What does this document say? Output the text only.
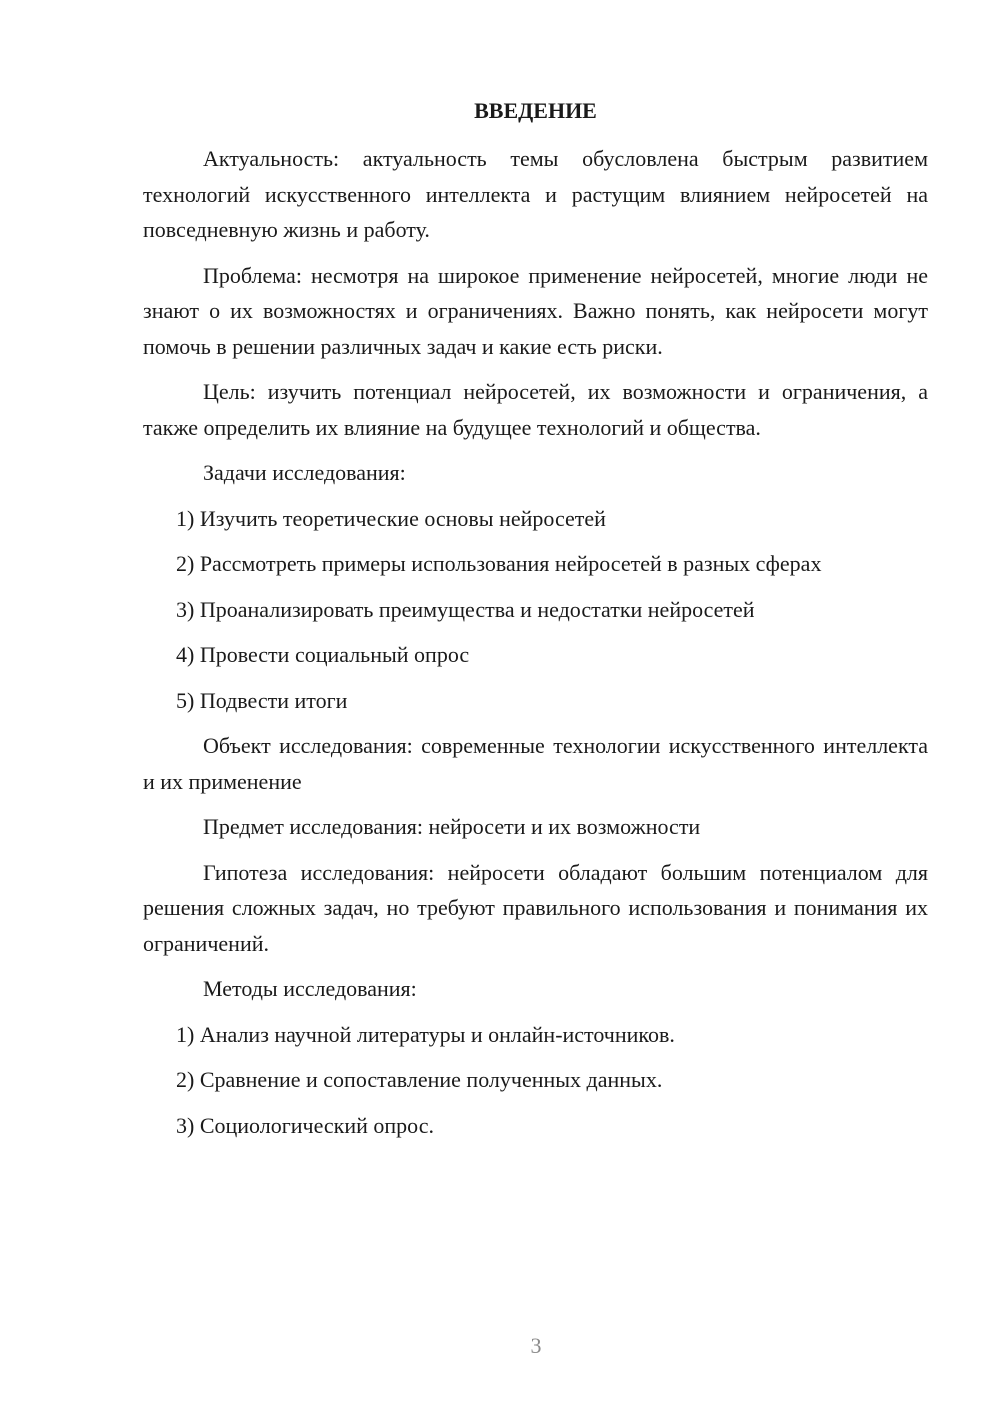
ВВЕДЕНИЕ

Актуальность: актуальность темы обусловлена быстрым развитием технологий искусственного интеллекта и растущим влиянием нейросетей на повседневную жизнь и работу.

Проблема: несмотря на широкое применение нейросетей, многие люди не знают о их возможностях и ограничениях. Важно понять, как нейросети могут помочь в решении различных задач и какие есть риски.

Цель: изучить потенциал нейросетей, их возможности и ограничения, а также определить их влияние на будущее технологий и общества.

Задачи исследования:

1) Изучить теоретические основы нейросетей

2) Рассмотреть примеры использования нейросетей в разных сферах

3) Проанализировать преимущества и недостатки нейросетей

4) Провести социальный опрос

5) Подвести итоги

Объект исследования: современные технологии искусственного интеллекта и их применение

Предмет исследования: нейросети и их возможности

Гипотеза исследования: нейросети обладают большим потенциалом для решения сложных задач, но требуют правильного использования и понимания их ограничений.

Методы исследования:

1) Анализ научной литературы и онлайн-источников.

2) Сравнение и сопоставление полученных данных.

3) Социологический опрос.

3
